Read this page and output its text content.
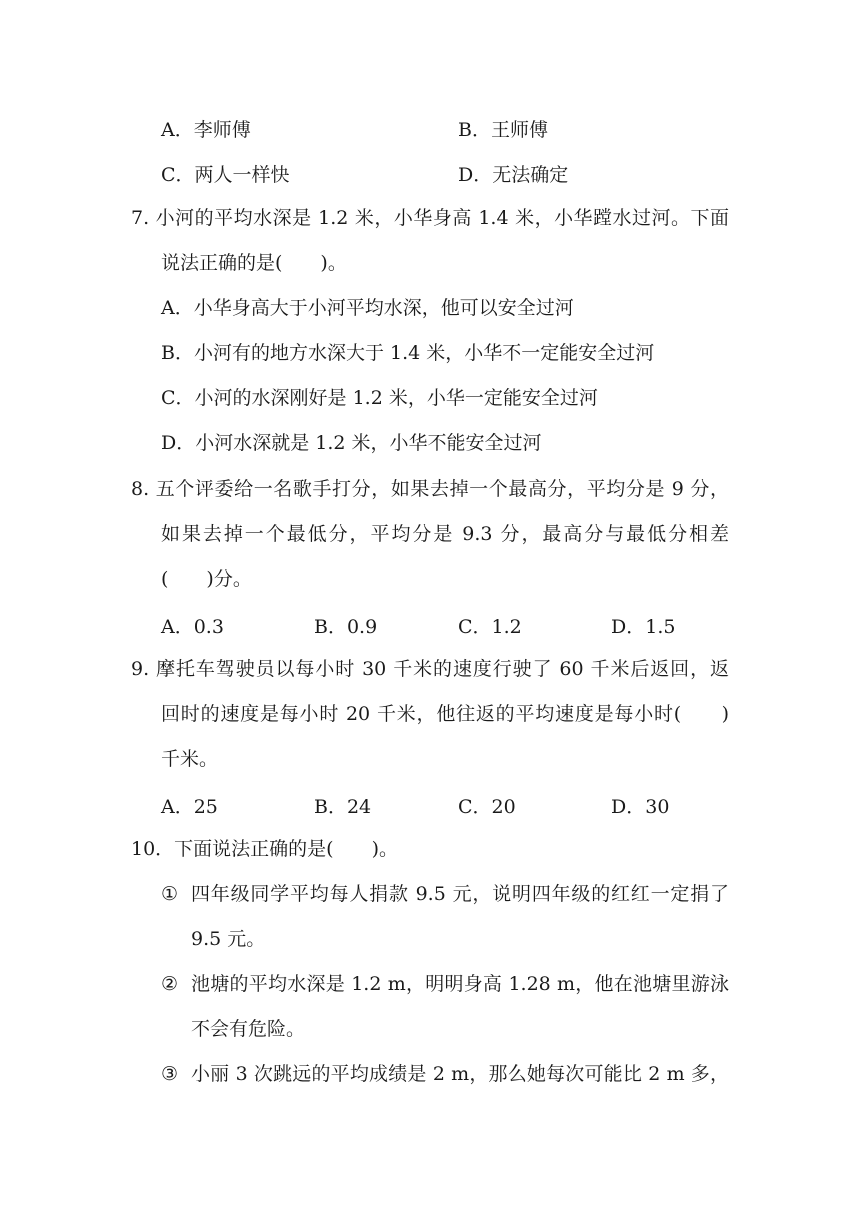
A．李师傅	B．王师傅
C．两人一样快	D．无法确定
7. 小河的平均水深是 1.2 米，小华身高 1.4 米，小华蹚水过河。下面
说法正确的是(　　)。
A．小华身高大于小河平均水深，他可以安全过河
B．小河有的地方水深大于 1.4 米，小华不一定能安全过河
C．小河的水深刚好是 1.2 米，小华一定能安全过河
D．小河水深就是 1.2 米，小华不能安全过河
8. 五个评委给一名歌手打分，如果去掉一个最高分，平均分是 9 分，
如果去掉一个最低分，平均分是 9.3 分，最高分与最低分相差
(　　)分。
A．0.3	B．0.9	C．1.2	D．1.5
9. 摩托车驾驶员以每小时 30 千米的速度行驶了 60 千米后返回，返
回时的速度是每小时 20 千米，他往返的平均速度是每小时(　　)
千米。
A．25	B．24	C．20	D．30
10．下面说法正确的是(　　)。
① 四年级同学平均每人捐款 9.5 元，说明四年级的红红一定捐了
9.5 元。
② 池塘的平均水深是 1.2 m，明明身高 1.28 m，他在池塘里游泳
不会有危险。
③ 小丽 3 次跳远的平均成绩是 2 m，那么她每次可能比 2 m 多，
